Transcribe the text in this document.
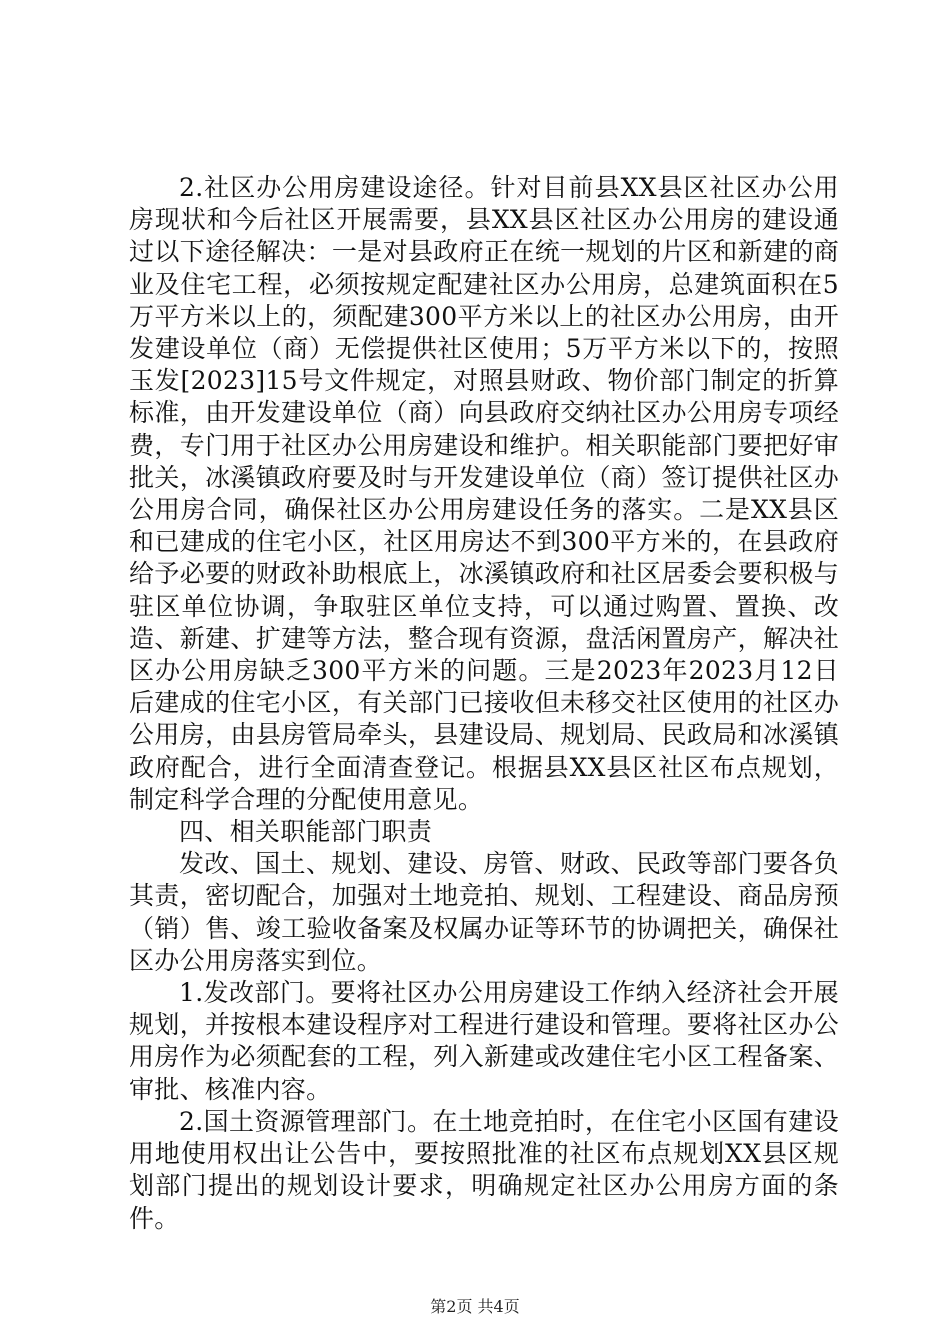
2.社区办公用房建设途径。针对目前县XX县区社区办公用房现状和今后社区开展需要，县XX县区社区办公用房的建设通过以下途径解决：一是对县政府正在统一规划的片区和新建的商业及住宅工程，必须按规定配建社区办公用房，总建筑面积在5万平方米以上的，须配建300平方米以上的社区办公用房，由开发建设单位（商）无偿提供社区使用；5万平方米以下的，按照玉发[2023]15号文件规定，对照县财政、物价部门制定的折算标准，由开发建设单位（商）向县政府交纳社区办公用房专项经费，专门用于社区办公用房建设和维护。相关职能部门要把好审批关，冰溪镇政府要及时与开发建设单位（商）签订提供社区办公用房合同，确保社区办公用房建设任务的落实。二是XX县区和已建成的住宅小区，社区用房达不到300平方米的，在县政府给予必要的财政补助根底上，冰溪镇政府和社区居委会要积极与驻区单位协调，争取驻区单位支持，可以通过购置、置换、改造、新建、扩建等方法，整合现有资源，盘活闲置房产，解决社区办公用房缺乏300平方米的问题。三是2023年2023月12日后建成的住宅小区，有关部门已接收但未移交社区使用的社区办公用房，由县房管局牵头，县建设局、规划局、民政局和冰溪镇政府配合，进行全面清查登记。根据县XX县区社区布点规划，制定科学合理的分配使用意见。

四、相关职能部门职责

发改、国土、规划、建设、房管、财政、民政等部门要各负其责，密切配合，加强对土地竞拍、规划、工程建设、商品房预（销）售、竣工验收备案及权属办证等环节的协调把关，确保社区办公用房落实到位。

1.发改部门。要将社区办公用房建设工作纳入经济社会开展规划，并按根本建设程序对工程进行建设和管理。要将社区办公用房作为必须配套的工程，列入新建或改建住宅小区工程备案、审批、核准内容。

2.国土资源管理部门。在土地竞拍时，在住宅小区国有建设用地使用权出让公告中，要按照批准的社区布点规划XX县区规划部门提出的规划设计要求，明确规定社区办公用房方面的条件。

第2页 共4页
